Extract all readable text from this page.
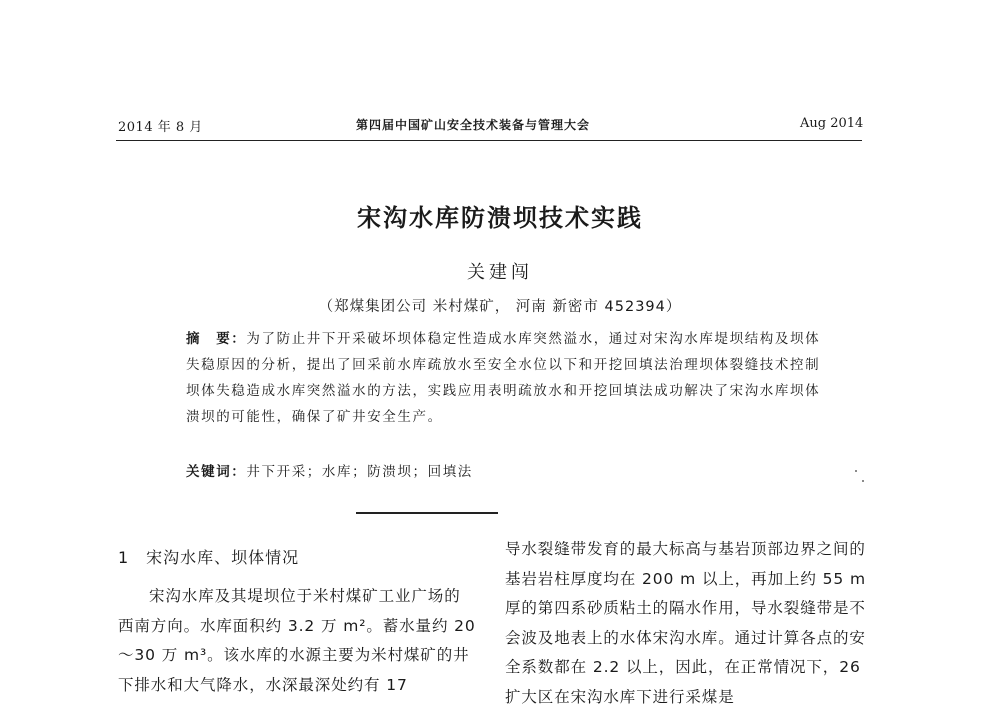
2014 年 8 月	第四届中国矿山安全技术装备与管理大会	Aug 2014
宋沟水库防溃坝技术实践
关建闯
（郑煤集团公司 米村煤矿， 河南 新密市 452394）
摘　要：为了防止井下开采破坏坝体稳定性造成水库突然溢水，通过对宋沟水库堤坝结构及坝体失稳原因的分析，提出了回采前水库疏放水至安全水位以下和开挖回填法治理坝体裂缝技术控制坝体失稳造成水库突然溢水的方法，实践应用表明疏放水和开挖回填法成功解决了宋沟水库坝体溃坝的可能性，确保了矿井安全生产。
关键词：井下开采；水库；防溃坝；回填法
1　宋沟水库、坝体情况
宋沟水库及其堤坝位于米村煤矿工业广场的西南方向。水库面积约 3.2 万 m²。蓄水量约 20～30 万 m³。该水库的水源主要为米村煤矿的井下排水和大气降水，水深最深处约有 17
导水裂缝带发育的最大标高与基岩顶部边界之间的基岩岩柱厚度均在 200 m 以上，再加上约 55 m 厚的第四系砂质粘土的隔水作用，导水裂缝带是不会波及地表上的水体宋沟水库。通过计算各点的安全系数都在 2.2 以上，因此，在正常情况下，26 扩大区在宋沟水库下进行采煤是
